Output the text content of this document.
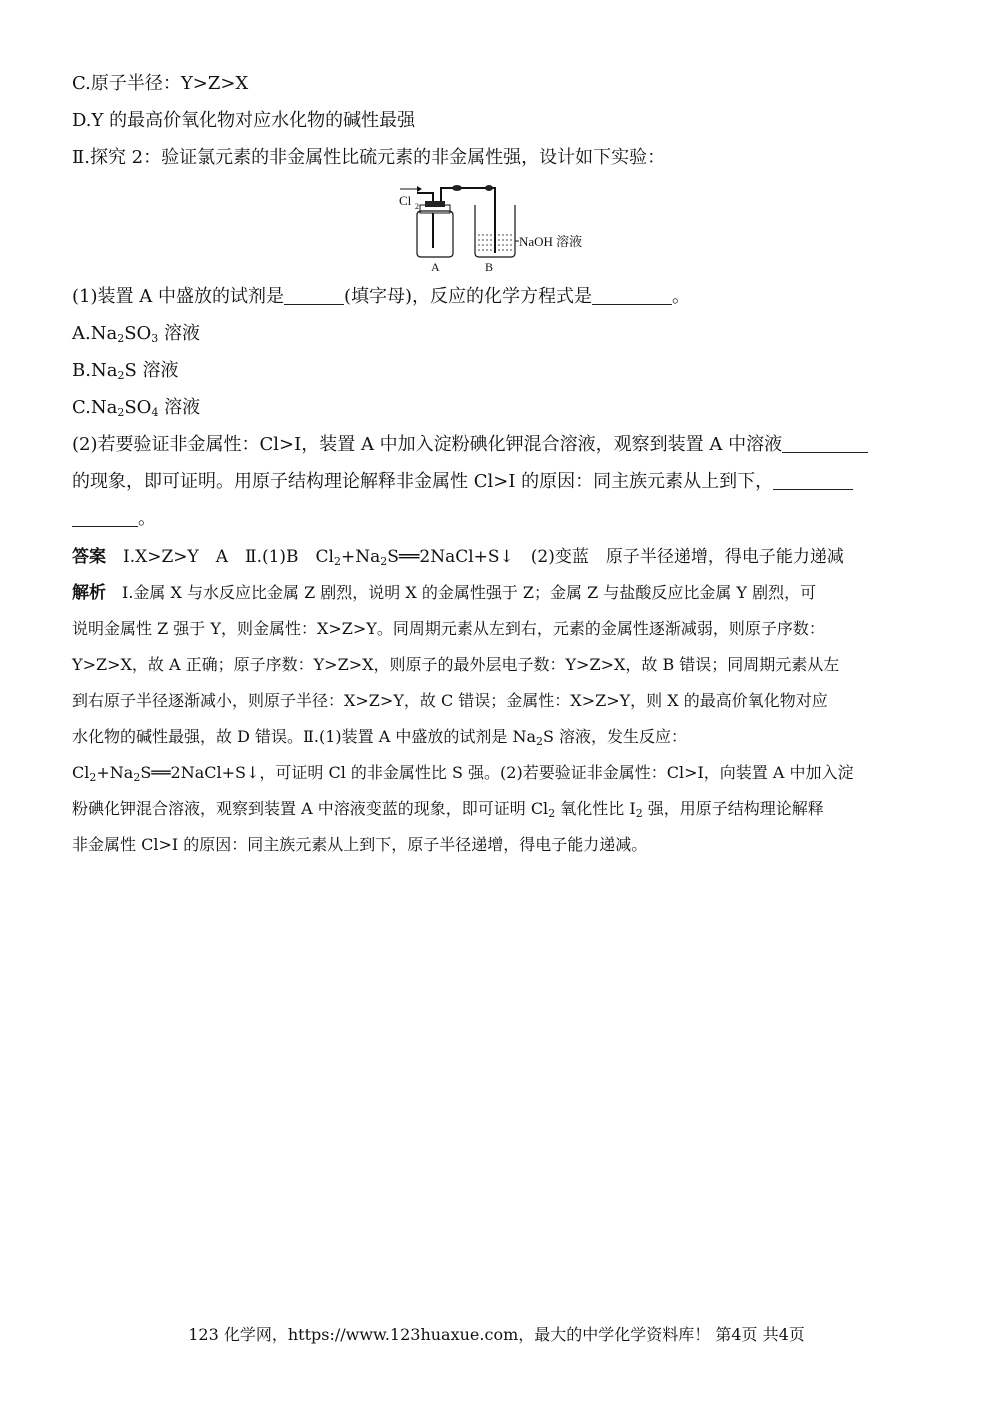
C.原子半径：Y>Z>X
D.Y 的最高价氧化物对应水化物的碱性最强
Ⅱ.探究 2：验证氯元素的非金属性比硫元素的非金属性强，设计如下实验：
Cl 2
NaOH 溶液
A	B
(1)装置 A 中盛放的试剂是	(填字母)，反应的化学方程式是	。
$A.Na_2SO_3$ 溶液
$B.Na_2S$ 溶液
$C.Na_2SO_4$ 溶液
(2)若要验证非金属性：Cl>I，装置 A 中加入淀粉碘化钾混合溶液，观察到装置 A 中溶液
的现象，即可证明。用原子结构理论解释非金属性 Cl>I 的原因：同主族元素从上到下，
。
答案　 Ⅰ.X>Z>Y　A　Ⅱ.(1)B　$Cl_2+Na_2S══2NaCl+S↓$　(2)变蓝　原子半径递增，得电子能力递减
解析　 Ⅰ.金属 X 与水反应比金属 Z 剧烈，说明 X 的金属性强于 Z；金属 Z 与盐酸反应比金属 Y 剧烈，可
说明金属性 Z 强于 Y，则金属性：X>Z>Y。同周期元素从左到右，元素的金属性逐渐减弱，则原子序数：
Y>Z>X，故 A 正确；原子序数：Y>Z>X，则原子的最外层电子数：Y>Z>X，故 B 错误；同周期元素从左
到右原子半径逐渐减小，则原子半径：X>Z>Y，故 C 错误；金属性：X>Z>Y，则 X 的最高价氧化物对应
水化物的碱性最强，故 D 错误。Ⅱ.(1)装置 A 中盛放的试剂是 $Na_2S$ 溶液，发生反应：
$Cl_2+Na_2S══2NaCl+S↓$，可证明 Cl 的非金属性比 S 强。(2)若要验证非金属性：Cl>I，向装置 A 中加入淀
粉碘化钾混合溶液，观察到装置 A 中溶液变蓝的现象，即可证明 $Cl_2$ 氧化性比 $I_2$ 强，用原子结构理论解释
非金属性 Cl>I 的原因：同主族元素从上到下，原子半径递增，得电子能力递减。
123 化学网，https://www.123huaxue.com，最大的中学化学资料库！ 第4页 共4页
